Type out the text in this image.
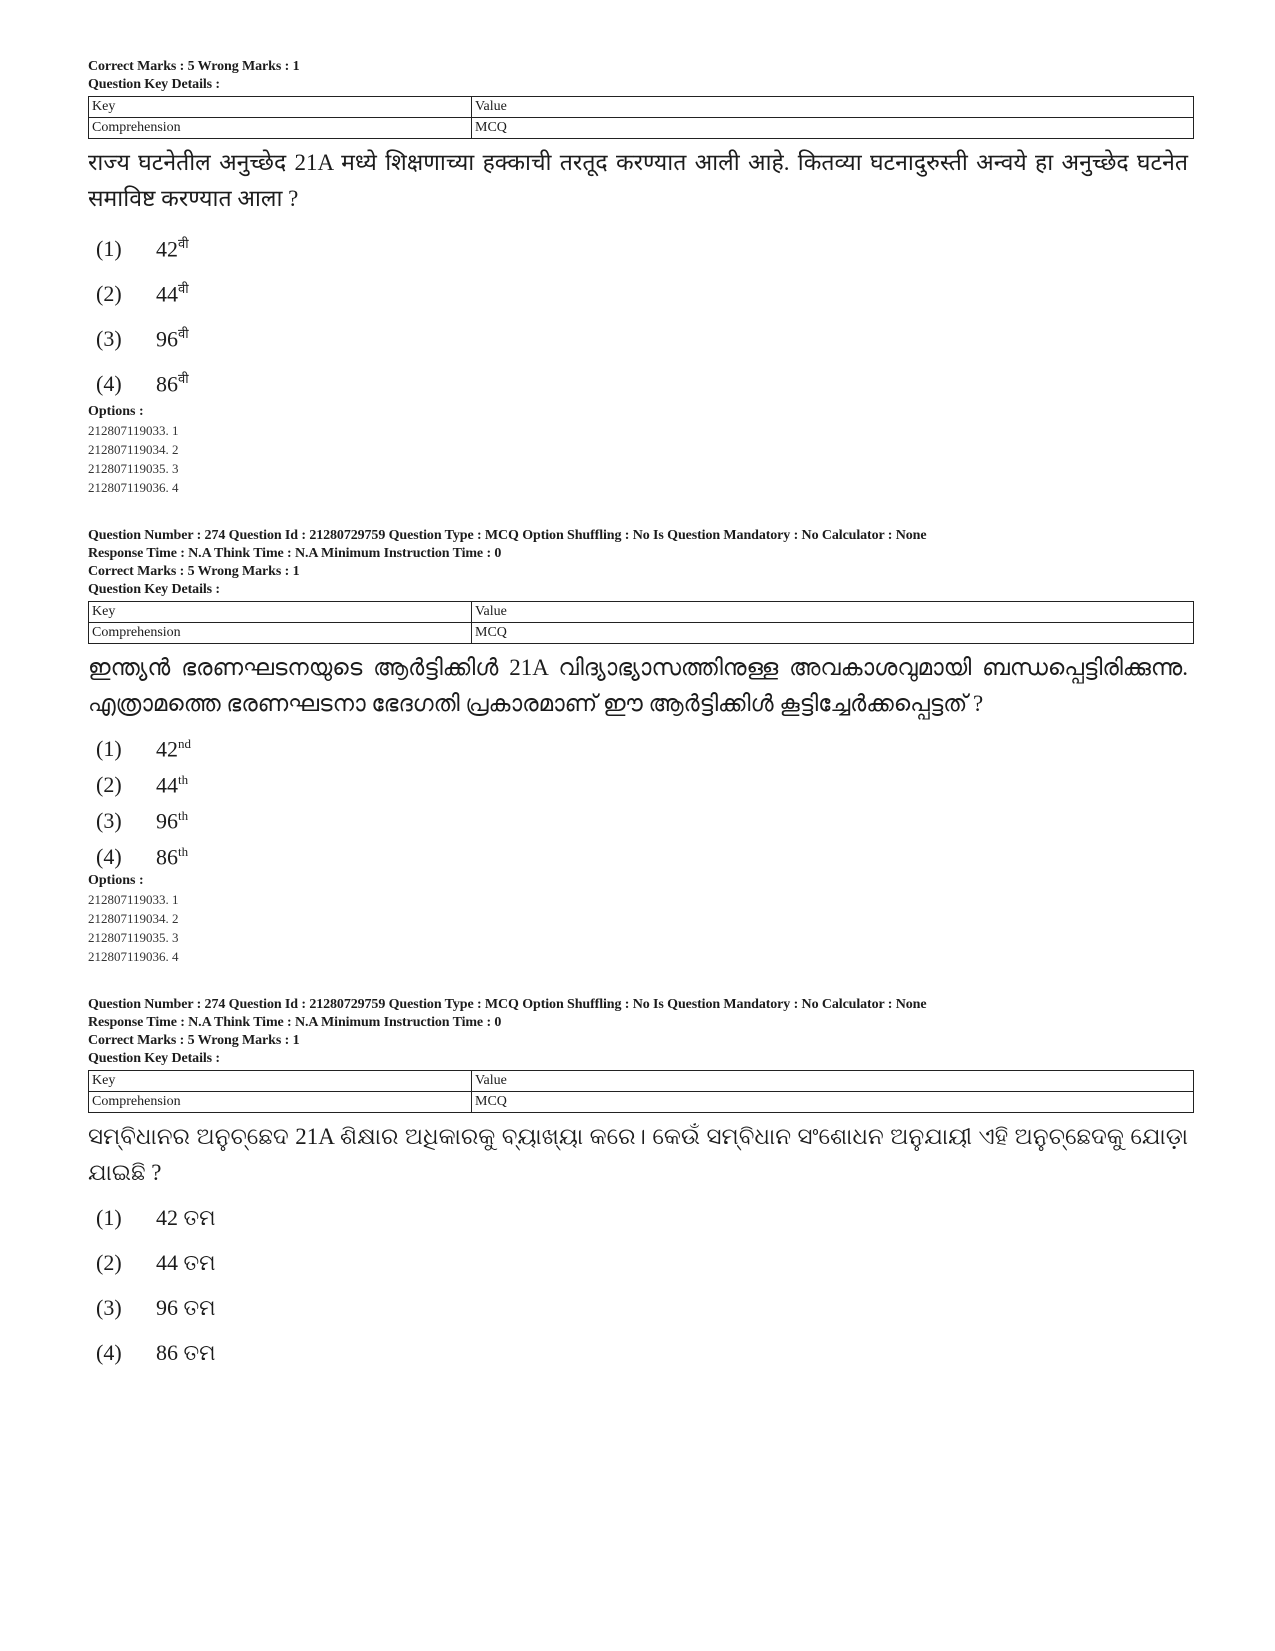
Correct Marks : 5 Wrong Marks : 1
Question Key Details :
Key	Value
Comprehension	MCQ

राज्य घटनेतील अनुच्छेद 21A मध्ये शिक्षणाच्या हक्काची तरतूद करण्यात आली आहे. कितव्या घटनादुरुस्ती अन्वये हा अनुच्छेद घटनेत समाविष्ट करण्यात आला ?

(1)	$42^{वी}$
(2)	$44^{वी}$
(3)	$96^{वी}$
(4)	$86^{वी}$
Options :
212807119033. 1
212807119034. 2
212807119035. 3
212807119036. 4
Question Number : 274 Question Id : 21280729759 Question Type : MCQ Option Shuffling : No Is Question Mandatory : No Calculator : None
Response Time : N.A Think Time : N.A Minimum Instruction Time : 0
Correct Marks : 5 Wrong Marks : 1
Question Key Details :
Key	Value
Comprehension	MCQ

ഇന്ത്യൻ ഭരണഘടനയുടെ ആർട്ടിക്കിൾ 21A വിദ്യാഭ്യാസത്തിനുള്ള അവകാശവുമായി ബന്ധപ്പെട്ടിരിക്കുന്നു. എത്രാമത്തെ ഭരണഘടനാ ഭേദഗതി പ്രകാരമാണ് ഈ ആർട്ടിക്കിൾ കൂട്ടിച്ചേർക്കപ്പെട്ടത് ?

(1)	42nd
(2)	44th
(3)	96th
(4)	86th
Options :
212807119033. 1
212807119034. 2
212807119035. 3
212807119036. 4
Question Number : 274 Question Id : 21280729759 Question Type : MCQ Option Shuffling : No Is Question Mandatory : No Calculator : None
Response Time : N.A Think Time : N.A Minimum Instruction Time : 0
Correct Marks : 5 Wrong Marks : 1
Question Key Details :
Key	Value
Comprehension	MCQ

ସମ୍ବିଧାନର ଅନୁଚ୍ଛେଦ 21A ଶିକ୍ଷାର ଅଧିକାରକୁ ବ୍ୟାଖ୍ୟା କରେ। କେଉଁ ସମ୍ବିଧାନ ସଂଶୋଧନ ଅନୁଯାୟୀ ଏହି ଅନୁଚ୍ଛେଦକୁ ଯୋଡ଼ା ଯାଇଛି ?

(1)	42 ତମ
(2)	44 ତମ
(3)	96 ତମ
(4)	86 ତମ
